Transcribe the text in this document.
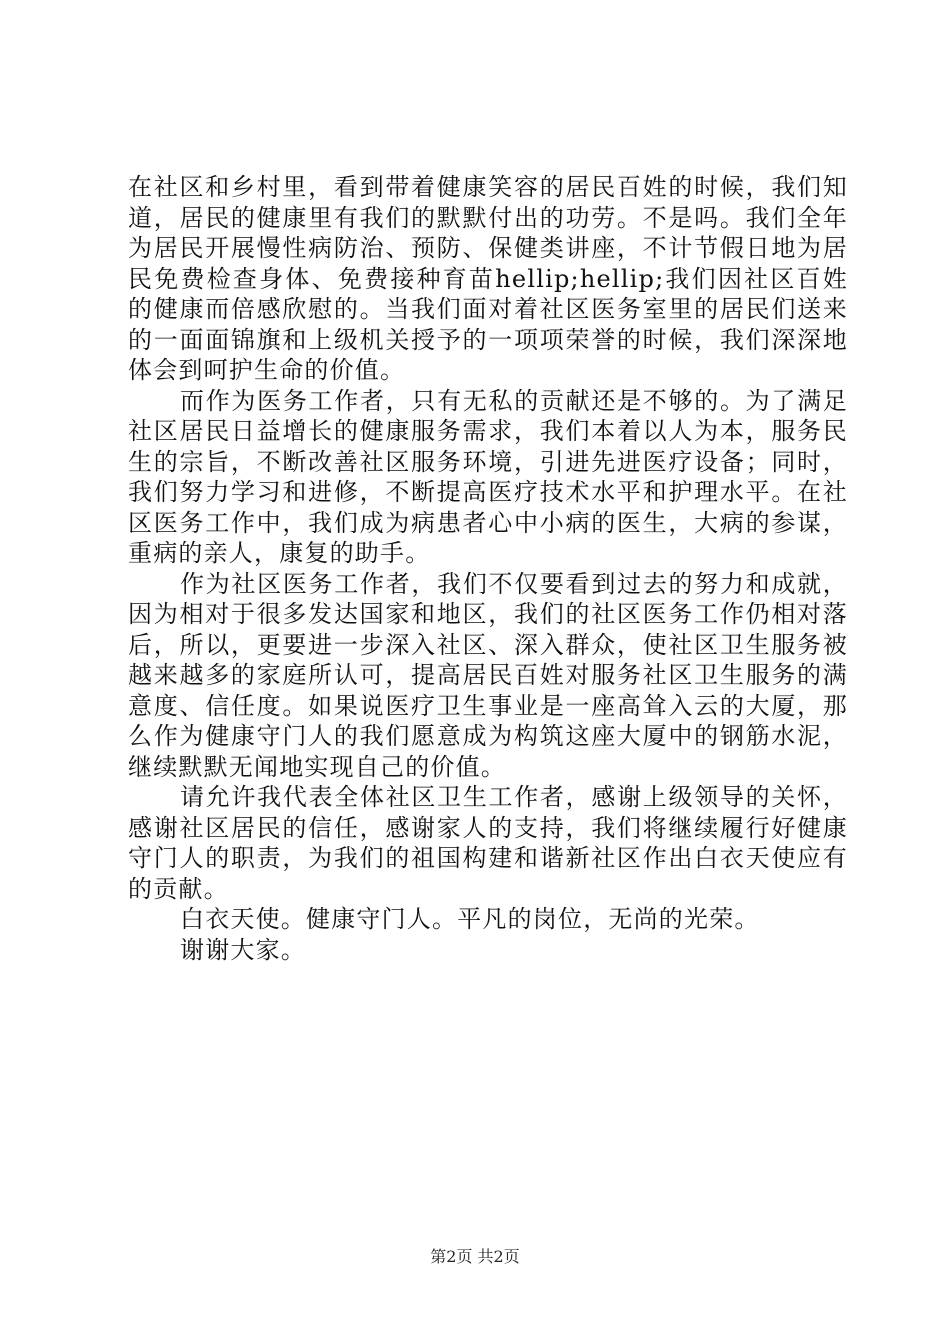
在社区和乡村里，看到带着健康笑容的居民百姓的时候，我们知道，居民的健康里有我们的默默付出的功劳。不是吗。我们全年为居民开展慢性病防治、预防、保健类讲座，不计节假日地为居民免费检查身体、免费接种育苗hellip;hellip;我们因社区百姓的健康而倍感欣慰的。当我们面对着社区医务室里的居民们送来的一面面锦旗和上级机关授予的一项项荣誉的时候，我们深深地体会到呵护生命的价值。

而作为医务工作者，只有无私的贡献还是不够的。为了满足社区居民日益增长的健康服务需求，我们本着以人为本，服务民生的宗旨，不断改善社区服务环境，引进先进医疗设备；同时，我们努力学习和进修，不断提高医疗技术水平和护理水平。在社区医务工作中，我们成为病患者心中小病的医生，大病的参谋，重病的亲人，康复的助手。

作为社区医务工作者，我们不仅要看到过去的努力和成就，因为相对于很多发达国家和地区，我们的社区医务工作仍相对落后，所以，更要进一步深入社区、深入群众，使社区卫生服务被越来越多的家庭所认可，提高居民百姓对服务社区卫生服务的满意度、信任度。如果说医疗卫生事业是一座高耸入云的大厦，那么作为健康守门人的我们愿意成为构筑这座大厦中的钢筋水泥，继续默默无闻地实现自己的价值。

请允许我代表全体社区卫生工作者，感谢上级领导的关怀，感谢社区居民的信任，感谢家人的支持，我们将继续履行好健康守门人的职责，为我们的祖国构建和谐新社区作出白衣天使应有的贡献。

白衣天使。健康守门人。平凡的岗位，无尚的光荣。

谢谢大家。

第2页 共2页
